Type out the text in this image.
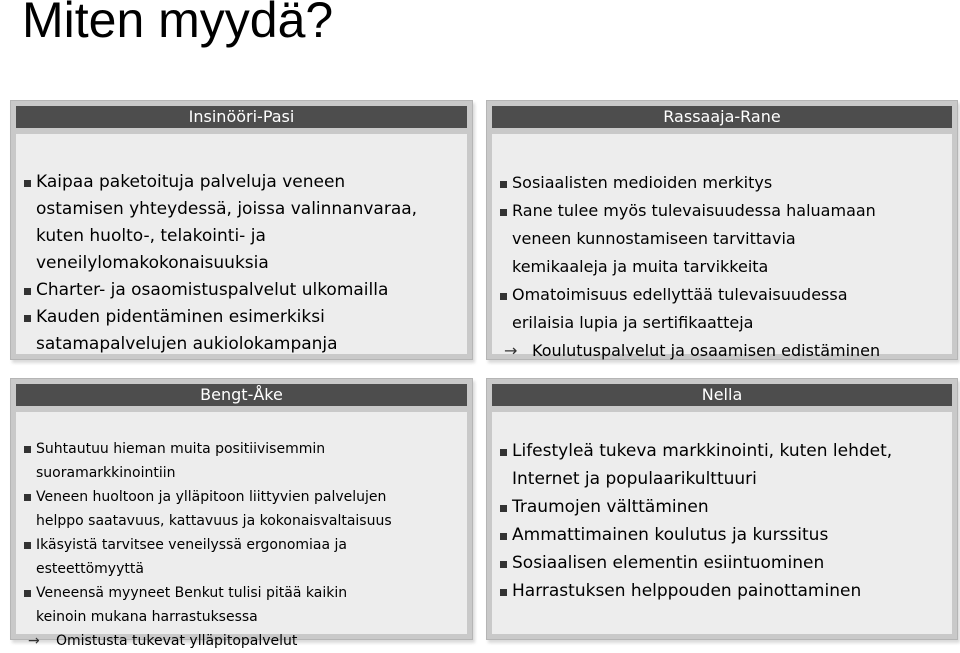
Miten myydä?
Insinööri-Pasi
Kaipaa paketoituja palveluja veneen
ostamisen yhteydessä, joissa valinnanvaraa,
kuten huolto-, telakointi- ja
veneilylomakokonaisuuksia
Charter- ja osaomistuspalvelut ulkomailla
Kauden pidentäminen esimerkiksi
satamapalvelujen aukiolokampanja
Rassaaja-Rane
Sosiaalisten medioiden merkitys
Rane tulee myös tulevaisuudessa haluamaan
veneen kunnostamiseen tarvittavia
kemikaaleja ja muita tarvikkeita
Omatoimisuus edellyttää tulevaisuudessa
erilaisia lupia ja sertifikaatteja
→ Koulutuspalvelut ja osaamisen edistäminen
Bengt-Åke
Suhtautuu hieman muita positiivisemmin
suoramarkkinointiin
Veneen huoltoon ja ylläpitoon liittyvien palvelujen
helppo saatavuus, kattavuus ja kokonaisvaltaisuus
Ikäsyistä tarvitsee veneilyssä ergonomiaa ja
esteettömyyttä
Veneensä myyneet Benkut tulisi pitää kaikin
keinoin mukana harrastuksessa
→ Omistusta tukevat ylläpitopalvelut
Nella
Lifestyleä tukeva markkinointi, kuten lehdet,
Internet ja populaarikulttuuri
Traumojen välttäminen
Ammattimainen koulutus ja kurssitus
Sosiaalisen elementin esiintuominen
Harrastuksen helppouden painottaminen
